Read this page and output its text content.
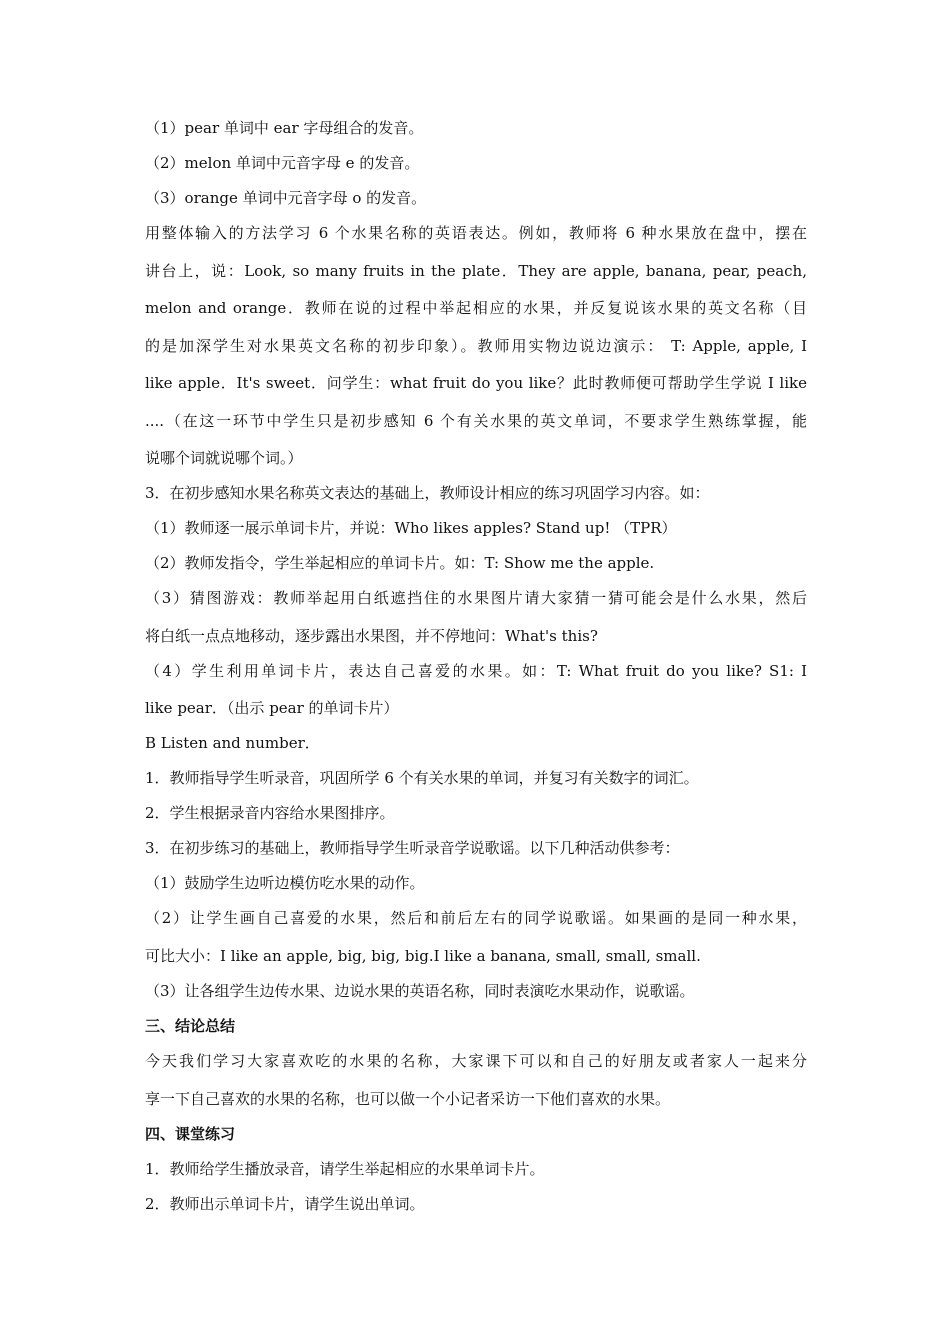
（1）pear 单词中 ear 字母组合的发音。
（2）melon 单词中元音字母 e 的发音。
（3）orange 单词中元音字母 o 的发音。
用整体输入的方法学习 6 个水果名称的英语表达。例如，教师将 6 种水果放在盘中，摆在
讲台上，说：Look, so many fruits in the plate．They are apple, banana, pear, peach,
melon and orange．教师在说的过程中举起相应的水果，并反复说该水果的英文名称（目
的是加深学生对水果英文名称的初步印象）。教师用实物边说边演示： T: Apple, apple, I
like apple．It's sweet．问学生：what fruit do you like？此时教师便可帮助学生学说 I like
....（在这一环节中学生只是初步感知 6 个有关水果的英文单词，不要求学生熟练掌握，能
说哪个词就说哪个词。）
3．在初步感知水果名称英文表达的基础上，教师设计相应的练习巩固学习内容。如：
（1）教师逐一展示单词卡片，并说：Who likes apples? Stand up! （TPR）
（2）教师发指令，学生举起相应的单词卡片。如：T: Show me the apple.
（3）猜图游戏：教师举起用白纸遮挡住的水果图片请大家猜一猜可能会是什么水果，然后
将白纸一点点地移动，逐步露出水果图，并不停地问：What's this?
（4）学生利用单词卡片，表达自己喜爱的水果。如：T: What fruit do you like? S1: I
like pear．（出示 pear 的单词卡片）
B Listen and number．
1．教师指导学生听录音，巩固所学 6 个有关水果的单词，并复习有关数字的词汇。
2．学生根据录音内容给水果图排序。
3．在初步练习的基础上，教师指导学生听录音学说歌谣。以下几种活动供参考：
（1）鼓励学生边听边模仿吃水果的动作。
（2）让学生画自己喜爱的水果，然后和前后左右的同学说歌谣。如果画的是同一种水果，
可比大小：I like an apple, big, big, big.I like a banana, small, small, small.
（3）让各组学生边传水果、边说水果的英语名称，同时表演吃水果动作，说歌谣。
三、结论总结
今天我们学习大家喜欢吃的水果的名称，大家课下可以和自己的好朋友或者家人一起来分
享一下自己喜欢的水果的名称，也可以做一个小记者采访一下他们喜欢的水果。
四、课堂练习
1．教师给学生播放录音，请学生举起相应的水果单词卡片。
2．教师出示单词卡片，请学生说出单词。
